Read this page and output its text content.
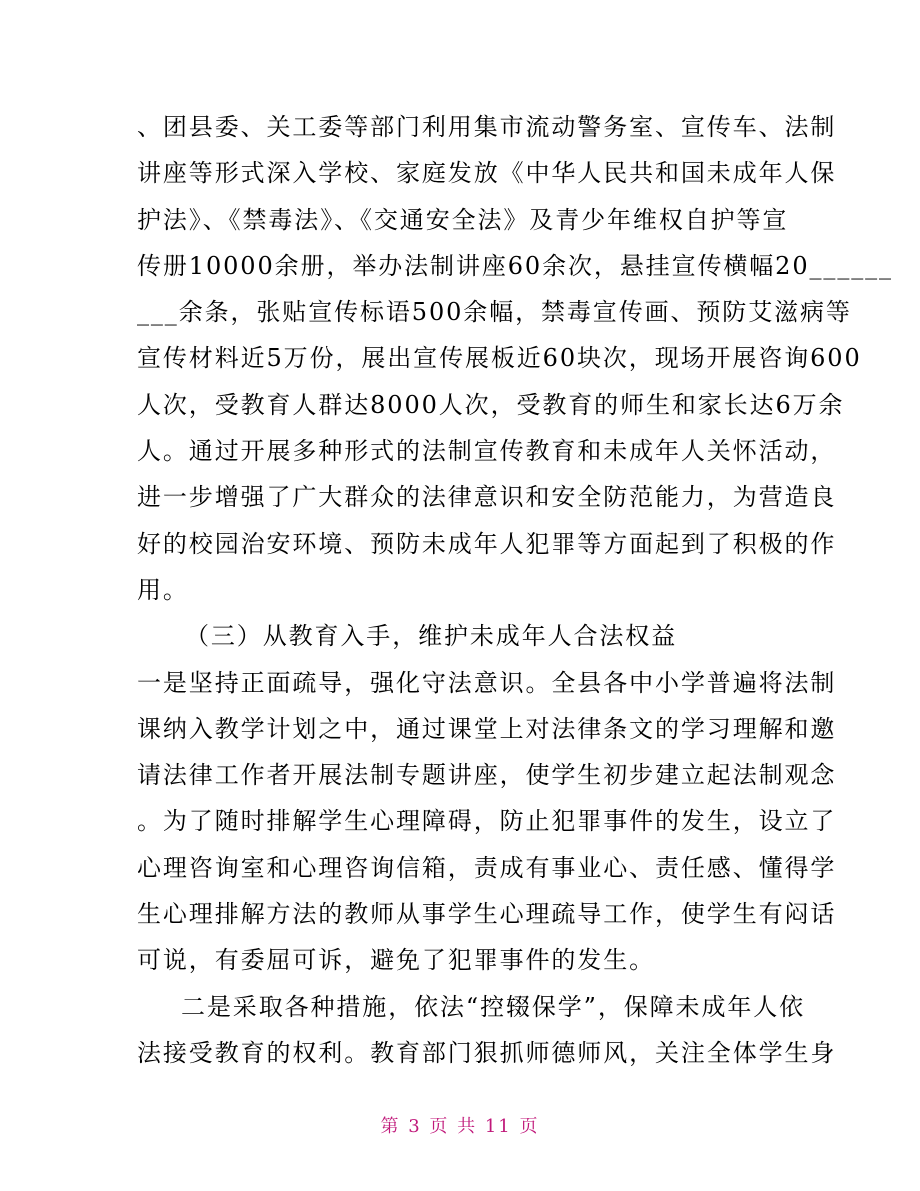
、团县委、关工委等部门利用集市流动警务室、宣传车、法制
讲座等形式深入学校、家庭发放《中华人民共和国未成年人保
护法》、《禁毒法》、《交通安全法》及青少年维权自护等宣
传册10000余册，举办法制讲座60余次，悬挂宣传横幅20______
___余条，张贴宣传标语500余幅，禁毒宣传画、预防艾滋病等
宣传材料近5万份，展出宣传展板近60块次，现场开展咨询600
人次，受教育人群达8000人次，受教育的师生和家长达6万余
人。通过开展多种形式的法制宣传教育和未成年人关怀活动，
进一步增强了广大群众的法律意识和安全防范能力，为营造良
好的校园治安环境、预防未成年人犯罪等方面起到了积极的作
用。
（三）从教育入手，维护未成年人合法权益
一是坚持正面疏导，强化守法意识。全县各中小学普遍将法制
课纳入教学计划之中，通过课堂上对法律条文的学习理解和邀
请法律工作者开展法制专题讲座，使学生初步建立起法制观念
。为了随时排解学生心理障碍，防止犯罪事件的发生，设立了
心理咨询室和心理咨询信箱，责成有事业心、责任感、懂得学
生心理排解方法的教师从事学生心理疏导工作，使学生有闷话
可说，有委屈可诉，避免了犯罪事件的发生。
二是采取各种措施，依法“控辍保学”，保障未成年人依
法接受教育的权利。教育部门狠抓师德师风，关注全体学生身
第 3 页 共 11 页
